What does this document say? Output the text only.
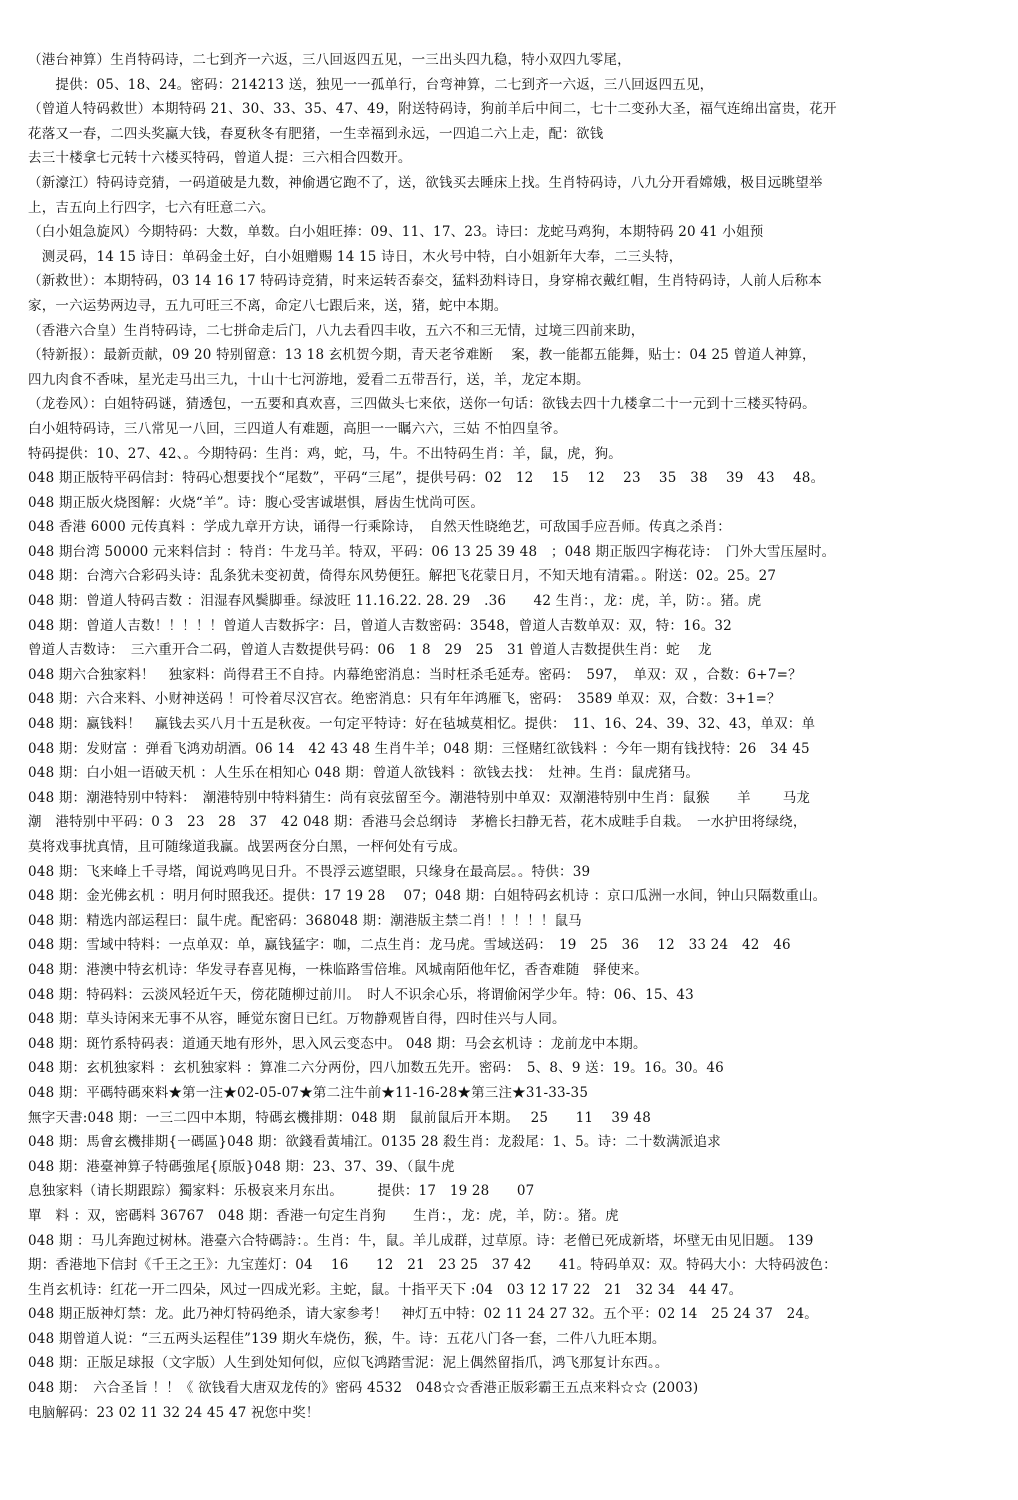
（港台神算）生肖特码诗，二七到齐一六返，三八回返四五见，一三出头四九稳，特小双四九零尾，
　　提供：05、18、24。密码：214213 送，独见一一孤单行，台弯神算，二七到齐一六返，三八回返四五见，
（曾道人特码救世）本期特码 21、30、33、35、47、49，附送特码诗，狗前羊后中间二，七十二变孙大圣，福气连绵出富贵，花开
花落又一春，二四头奖赢大钱，春夏秋冬有肥猪，一生幸福到永远，一四追二六上走，配：欲钱
去三十楼拿七元转十六楼买特码，曾道人提：三六相合四数开。
（新濠江）特码诗竞猜，一码道破是九数，神偷遇它跑不了，送，欲钱买去睡床上找。生肖特码诗，八九分开看嫦娥，极目远眺望举
上，吉五向上行四字，七六有旺意二六。
（白小姐急旋风）今期特码：大数，单数。白小姐旺捧：09、11、17、23。诗曰：龙蛇马鸡狗，本期特码 20 41 小姐预
　测灵码，14 15 诗日：单码金土好，白小姐赠赐 14 15 诗日，木火号中特，白小姐新年大奉，二三头特，
（新救世）：本期特码，03 14 16 17 特码诗竞猜，时来运转否泰交，猛料劲料诗日，身穿棉衣戴红帽，生肖特码诗，人前人后称本
家，一六运势两边寻，五九可旺三不离，命定八七跟后来，送，猪，蛇中本期。
（香港六合皇）生肖特码诗，二七拼命走后门，八九去看四丰收，五六不和三无情，过境三四前来助，
（特新报）：最新贡献，09 20 特别留意：13 18 玄机贺今期，青天老爷难断　 案，教一能都五能舞，贴士：04 25 曾道人神算，
四九肉食不香味，星光走马出三九，十山十七河游地，爱看二五带吾行，送，羊，龙定本期。
（龙卷风）：白姐特码谜，猜透包，一五要和真欢喜，三四做头七来依，送你一句话：欲钱去四十九楼拿二十一元到十三楼买特码。
白小姐特码诗，三八常见一八回，三四道人有难题，高胆一一瞩六六，三姑 不怕四皇爷。
特码提供：10、27、42、。今期特码：生肖：鸡，蛇，马，牛。不出特码生肖：羊，鼠，虎，狗。
048 期正版特平码信封：特码心想要找个“尾数”，平码“三尾”，提供号码：02　12　 15　 12　 23　 35　38　 39　43　 48。
048 期正版火烧图解：火烧“羊”。诗：腹心受害诚堪惧，唇齿生忧尚可医。
048 香港 6000 元传真料 ：学成九章开方诀，诵得一行乘除诗，　自然天性晓绝艺，可敌国手应吾师。传真之杀肖：
048 期台湾 50000 元来料信封 ：特肖：牛龙马羊。特双，平码：06 13 25 39 48　；048 期正版四字梅花诗：　门外大雪压屋时。
048 期：台湾六合彩码头诗：乱条犹未变初黄，倚得东风势便狂。解把飞花蒙日月，不知天地有清霜。。附送：02。25。27
048 期：曾道人特码吉数 ：泪湿春风鬓脚垂。绿波旺 11.16.22. 28. 29　.36　　42 生肖：，龙：虎，羊，防：。猪。虎
048 期：曾道人吉数！！！！！曾道人吉数拆字：吕，曾道人吉数密码：3548，曾道人吉数单双：双，特：16。32
曾道人吉数诗：　三六重开合二码，曾道人吉数提供号码：06　1 8　29　25　31 曾道人吉数提供生肖：蛇　 龙
048 期六合独家料！　独家料：尚得君王不自持。内幕绝密消息：当时枉杀毛延寿。密码：　597，　单双：双 ，合数：6+7=？
048 期：六合来料、小财神送码 ！可怜着尽汉宫衣。绝密消息：只有年年鸿雁飞，密码：　3589 单双：双，合数：3+1=？
048 期：赢钱料！　赢钱去买八月十五是秋夜。一句定平特诗：好在毡城莫相忆。提供：　11、16、24、39、32、43，单双：单
048 期：发财富 ：弹看飞鸿劝胡酒。06 14　42 43 48 生肖牛羊；048 期：三怪赌红欲钱料 ：今年一期有钱找特：26　34 45
048 期：白小姐一语破天机 ：人生乐在相知心 048 期：曾道人欲钱料 ：欲钱去找：　灶神。生肖：鼠虎猪马。
048 期：潮港特别中特料：　潮港特别中特料猜生：尚有哀弦留至今。潮港特别中单双：双潮港特别中生肖：鼠猴　　羊　　 马龙
潮　港特别中平码：0 3　23　28　37　42 048 期：香港马会总纲诗　茅檐长扫静无苔，花木成畦手自栽。　一水护田将绿绕，
莫将戏事扰真情，且可随缘道我赢。战罢两奁分白黑，一枰何处有亏成。
048 期：飞来峰上千寻塔，闻说鸡鸣见日升。不畏浮云遮望眼，只缘身在最高层。。特供：39
048 期：金光佛玄机 ：明月何时照我还。提供：17 19 28　 07；048 期：白姐特码玄机诗 ：京口瓜洲一水间，钟山只隔数重山。
048 期：精选内部运程曰：鼠牛虎。配密码：368048 期：潮港版主禁二肖！！！！！鼠马
048 期：雪域中特料：一点单双：单，赢钱猛字：咖，二点生肖：龙马虎。雪域送码：　19　25　36　 12　33 24　42　46
048 期：港澳中特玄机诗：华发寻春喜见梅，一株临路雪倍堆。风城南陌他年忆，香杳难随　驿使来。
048 期：特码料：云淡风轻近午天，傍花随柳过前川。　时人不识余心乐，将谓偷闲学少年。特：06、15、43
048 期：草头诗闲来无事不从容，睡觉东窗日已红。万物静观皆自得，四时佳兴与人同。
048 期：斑竹系特码表：道通天地有形外，思入风云变态中。 048 期：马会玄机诗 ：龙前龙中本期。
048 期：玄机独家料 ：玄机独家料 ：算准二六分两份，四八加数五先开。密码：　5、8、9 送：19。16。30。46
048 期：平碼特碼來料★第一注★02-05-07★第二注牛前★11-16-28★第三注★31-33-35
無字天書:048 期：一三二四中本期，特碼玄機排期：048 期　鼠前鼠后开本期。　 25　　11　 39 48
048 期：馬會玄機排期{一碼區}048 期：欲錢看黃埔江。0135 28 殺生肖：龙殺尾：1、5。诗：二十数满派追求
048 期：港臺神算子特碼強尾{原版}048 期：23、37、39、（鼠牛虎
息独家料（请长期跟踪）獨家料：乐极哀来月东出。　　　提供：17　19 28　　07
單　料 ：双，密碼料 36767　048 期：香港一句定生肖狗　　生肖：，龙：虎，羊，防：。猪。虎
048 期 ：马儿奔跑过树林。港臺六合特碼詩：。生肖：牛，鼠。羊儿成群，过草原。诗：老僧已死成新塔，坏壁无由见旧题。 139
期：香港地下信封《千王之王》：九宝莲灯：04　 16　　12　21　23 25　37 42　　41。特码单双：双。特码大小：大特码波色：
生肖玄机诗：红花一开二四朵，风过一四成光彩。主蛇，鼠。十指平天下 :04　03 12 17 22　21　32 34　44 47。
048 期正版神灯禁：龙。此乃神灯特码绝杀，请大家参考！　神灯五中特：02 11 24 27 32。五个平：02 14　25 24 37　24。
048 期曾道人说：“三五两头运程佳”139 期火车烧伤，猴，牛。诗：五花八门各一套，二件八九旺本期。
048 期：正版足球报（文字版）人生到处知何似，应似飞鸿踏雪泥：泥上偶然留指爪，鸿飞那复计东西。。
048 期：　六合圣旨 ！！《 欲钱看大唐双龙传的》密码 4532　048☆☆香港正版彩霸王五点来料☆☆ (2003)
电脑解码：23 02 11 32 24 45 47 祝您中奖！
